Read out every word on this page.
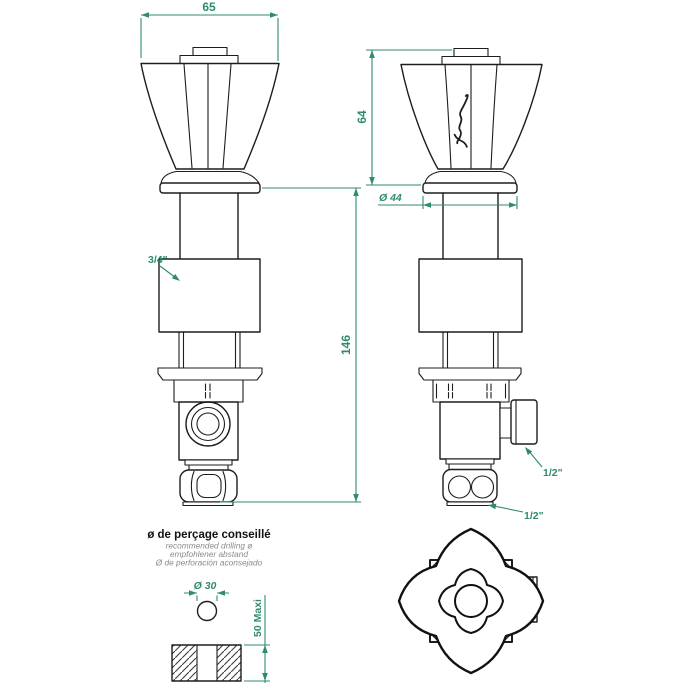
65
146
3/4"
64
Ø 44
1/2"
1/2"
ø de perçage conseillé
recommended drilling ø
empfohlener abstand
Ø de perforación aconsejado
Ø 30
50 Maxi
